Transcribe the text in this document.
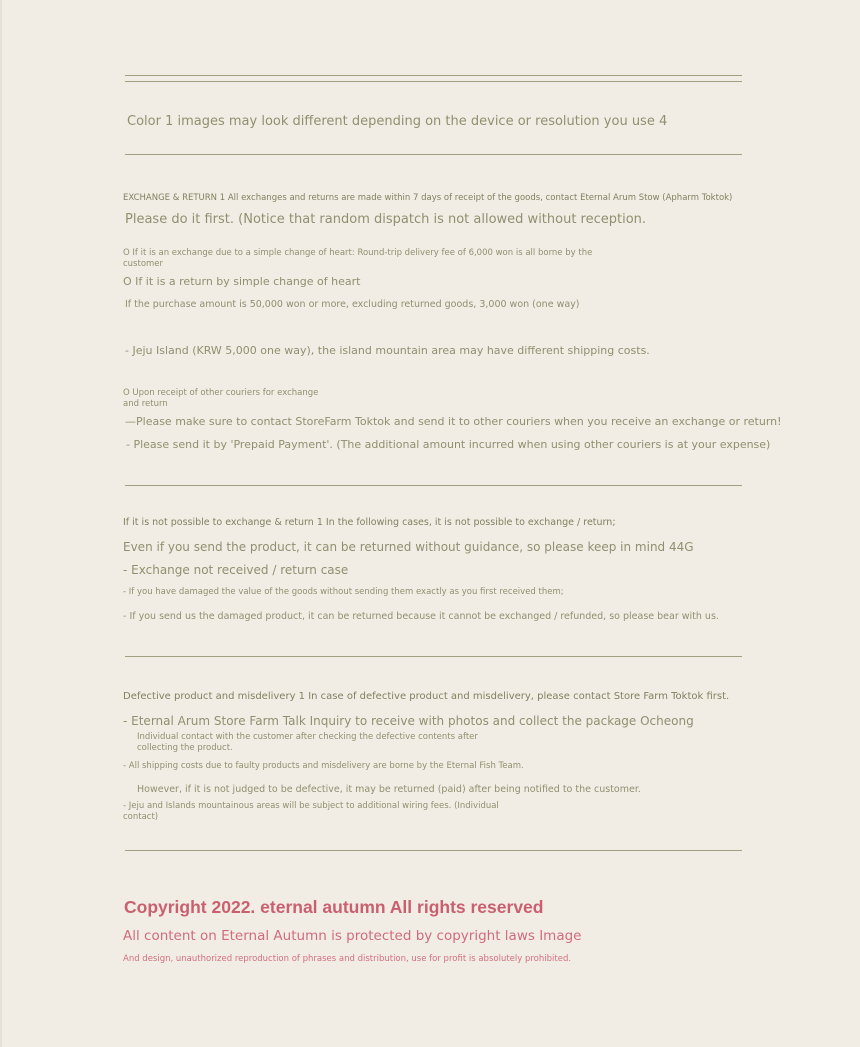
Color 1 images may look different depending on the device or resolution you use 4

EXCHANGE & RETURN 1 All exchanges and returns are made within 7 days of receipt of the goods, contact Eternal Arum Stow (Apharm Toktok)

Please do it first. (Notice that random dispatch is not allowed without reception.

O If it is an exchange due to a simple change of heart: Round-trip delivery fee of 6,000 won is all borne by the customer

O If it is a return by simple change of heart

If the purchase amount is 50,000 won or more, excluding returned goods, 3,000 won (one way)

- Jeju Island (KRW 5,000 one way), the island mountain area may have different shipping costs.

O Upon receipt of other couriers for exchange and return

—Please make sure to contact StoreFarm Toktok and send it to other couriers when you receive an exchange or return!

- Please send it by 'Prepaid Payment'. (The additional amount incurred when using other couriers is at your expense)

If it is not possible to exchange & return 1 In the following cases, it is not possible to exchange / return;

Even if you send the product, it can be returned without guidance, so please keep in mind 44G

- Exchange not received / return case

- If you have damaged the value of the goods without sending them exactly as you first received them;

- If you send us the damaged product, it can be returned because it cannot be exchanged / refunded, so please bear with us.

Defective product and misdelivery 1 In case of defective product and misdelivery, please contact Store Farm Toktok first.

- Eternal Arum Store Farm Talk Inquiry to receive with photos and collect the package Ocheong

Individual contact with the customer after checking the defective contents after collecting the product.

- All shipping costs due to faulty products and misdelivery are borne by the Eternal Fish Team.

However, if it is not judged to be defective, it may be returned (paid) after being notified to the customer.

- Jeju and Islands mountainous areas will be subject to additional wiring fees. (Individual contact)

Copyright 2022. eternal autumn All rights reserved

All content on Eternal Autumn is protected by copyright laws Image

And design, unauthorized reproduction of phrases and distribution, use for profit is absolutely prohibited.
